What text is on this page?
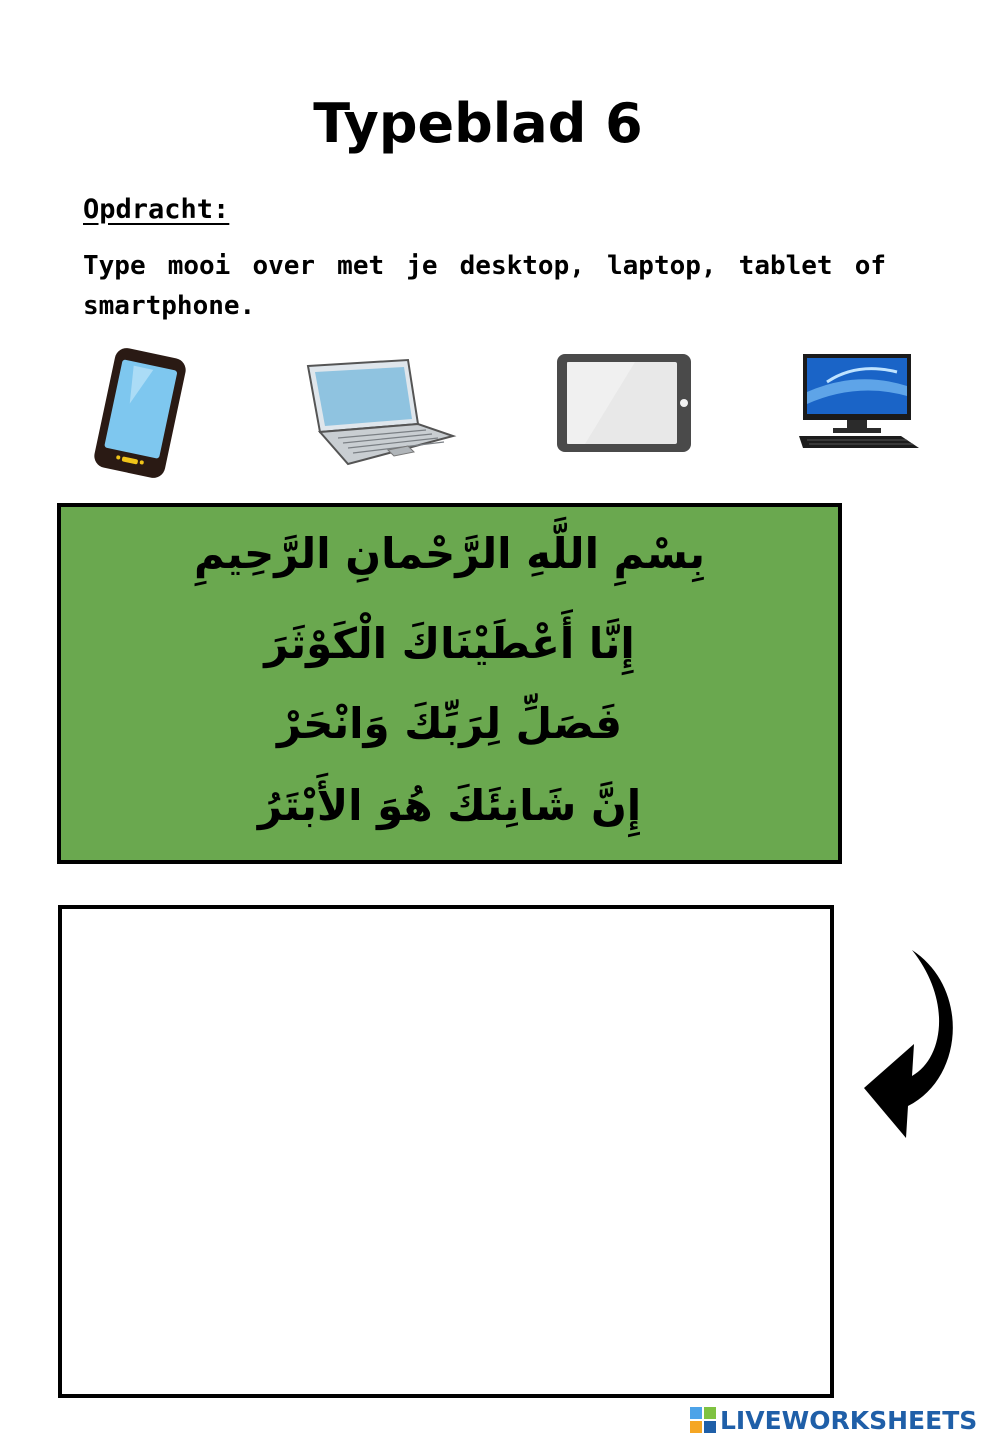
Typeblad 6
Opdracht:
Type mooi over met je desktop, laptop, tablet of smartphone.
بِسْمِ اللَّهِ الرَّحْمانِ الرَّحِيمِ
إِنَّا أَعْطَيْنَاكَ الْكَوْثَرَ
فَصَلِّ لِرَبِّكَ وَانْحَرْ
إِنَّ شَانِئَكَ هُوَ الأَبْتَرُ
LIVEWORKSHEETS
